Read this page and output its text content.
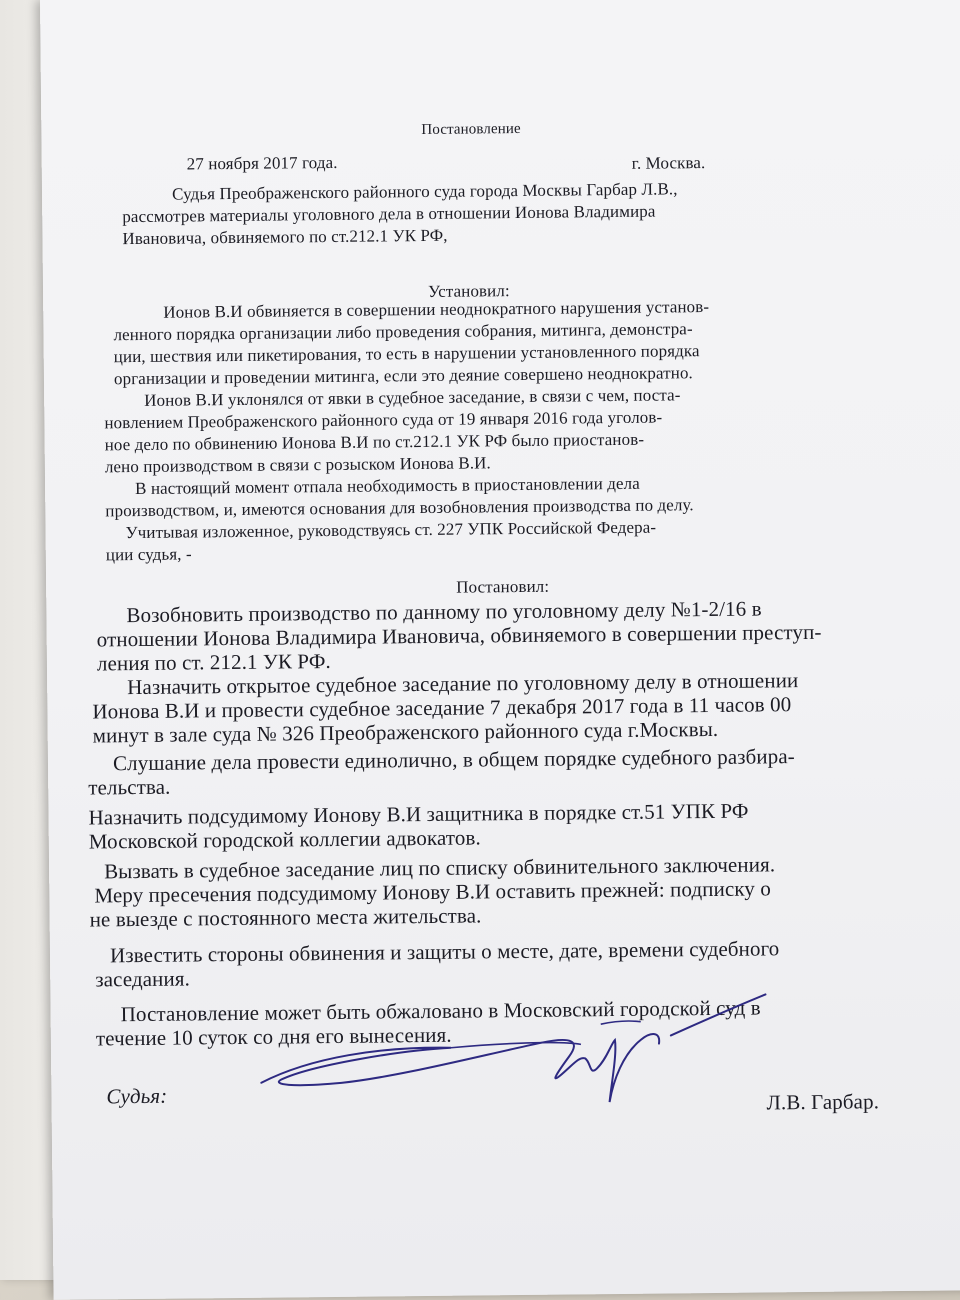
Постановление
27 ноября 2017 года.	г. Москва.
Судья Преображенского районного суда города Москвы Гарбар Л.В.,
рассмотрев материалы уголовного дела в отношении Ионова Владимира
Ивановича, обвиняемого по ст.212.1 УК РФ,
Установил:
Ионов В.И обвиняется в совершении неоднократного нарушения установ-
ленного порядка организации либо проведения собрания, митинга, демонстра-
ции, шествия или пикетирования, то есть в нарушении установленного порядка
организации и проведении митинга, если это деяние совершено неоднократно.
Ионов В.И уклонялся от явки в судебное заседание, в связи с чем, поста-
новлением Преображенского районного суда от 19 января 2016 года уголов-
ное дело по обвинению Ионова В.И по ст.212.1 УК РФ было приостанов-
лено производством в связи с розыском Ионова В.И.
В настоящий момент отпала необходимость в приостановлении дела
производством, и, имеются основания для возобновления производства по делу.
Учитывая изложенное, руководствуясь ст. 227 УПК Российской Федера-
ции судья, -
Постановил:
Возобновить производство по данному по уголовному делу №1-2/16 в
отношении Ионова Владимира Ивановича, обвиняемого в совершении преступ-
ления по ст. 212.1 УК РФ.
Назначить открытое судебное заседание по уголовному делу в отношении
Ионова В.И и провести судебное заседание 7 декабря 2017 года в 11 часов 00
минут в зале суда № 326 Преображенского районного суда г.Москвы.
Слушание дела провести единолично, в общем порядке судебного разбира-
тельства.
Назначить подсудимому Ионову В.И защитника в порядке ст.51 УПК РФ
Московской городской коллегии адвокатов.
Вызвать в судебное заседание лиц по списку обвинительного заключения.
Меру пресечения подсудимому Ионову В.И оставить прежней: подписку о
не выезде с постоянного места жительства.
Известить стороны обвинения и защиты о месте, дате, времени судебного
заседания.
Постановление может быть обжаловано в Московский городской суд в
течение 10 суток со дня его вынесения.
Судья:	Л.В. Гарбар.
